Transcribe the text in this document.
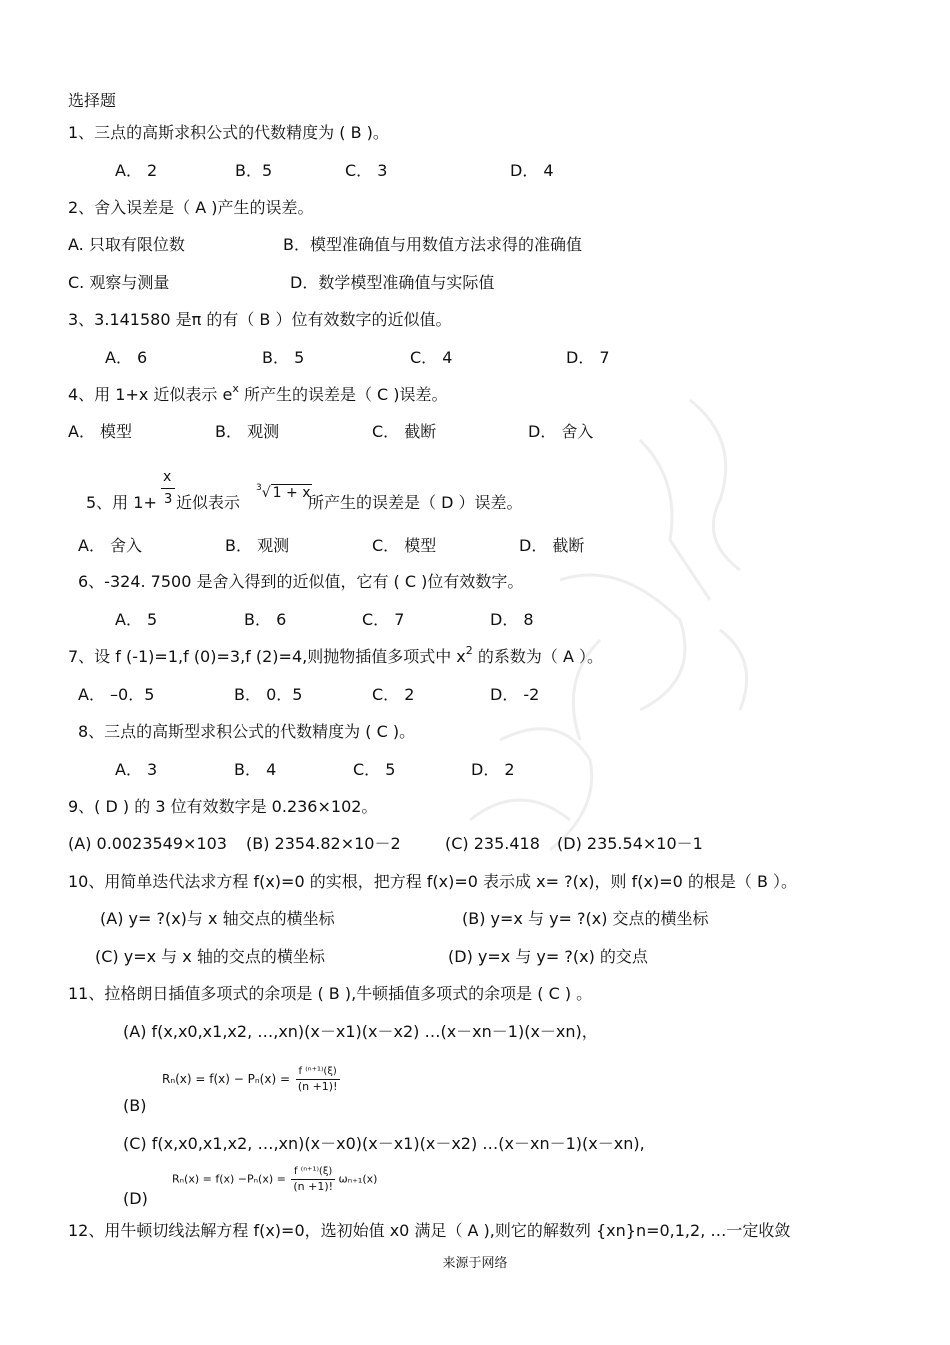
选择题
1、三点的高斯求积公式的代数精度为 ( B )。
A． 2	B．5	C． 3	D． 4
2、舍入误差是（ A )产生的误差。
A. 只取有限位数	B．模型准确值与用数值方法求得的准确值
C. 观察与测量	D．数学模型准确值与实际值
3、3.141580 是π 的有（ B ）位有效数字的近似值。
A． 6	B． 5	C． 4	D． 7
4、用 1+x 近似表示 $e^x$ 所产生的误差是（ C )误差。
A． 模型	B． 观测	C． 截断	D． 舍入
x
5、用 1+ 3 近似表示
$^3$√ 1 + x
所产生的误差是（ D ）误差。
A． 舍入	B． 观测	C． 模型	D． 截断
6、-324. 7500 是舍入得到的近似值，它有 ( C )位有效数字。
A． 5	B． 6	C． 7	D． 8
7、设 f (-1)=1,f (0)=3,f (2)=4,则抛物插值多项式中 $x^2$ 的系数为（ A ）。
A． –0．5	B． 0．5	C． 2	D． -2
8、三点的高斯型求积公式的代数精度为 ( C )。
A． 3	B． 4	C． 5	D． 2
9、( D ) 的 3 位有效数字是 0.236×102。
(A) 0.0023549×103 (B) 2354.82×10－2	(C) 235.418 (D) 235.54×10－1
10、用简单迭代法求方程 f(x)=0 的实根，把方程 f(x)=0 表示成 x= ?(x)，则 f(x)=0 的根是（ B ）。
(A) y= ?(x)与 x 轴交点的横坐标	(B) y=x 与 y= ?(x) 交点的横坐标
(C) y=x 与 x 轴的交点的横坐标	(D) y=x 与 y= ?(x) 的交点
11、拉格朗日插值多项式的余项是 ( B ),牛顿插值多项式的余项是 ( C ) 。
(A) f(x,x0,x1,x2, …,xn)(x－x1)(x－x2) …(x－xn－1)(x－xn)，
$R_n(x) = f(x) - P_n(x) = \frac{\text{f ⁽ⁿ⁺¹⁾(ξ)}}{(n +1)!}$
(B)
(C) f(x,x0,x1,x2, …,xn)(x－x0)(x－x1)(x－x2) …(x－xn－1)(x－xn),
$R_n(x) = f(x) -P_n(x) = \frac{\text{f ⁽ⁿ⁺¹⁾(ξ)}}{(n +1)!} \omega_{n+1}(x)$
(D)
12、用牛顿切线法解方程 f(x)=0，选初始值 x0 满足（ A ),则它的解数列 {xn}n=0,1,2, …一定收敛
来源于网络
